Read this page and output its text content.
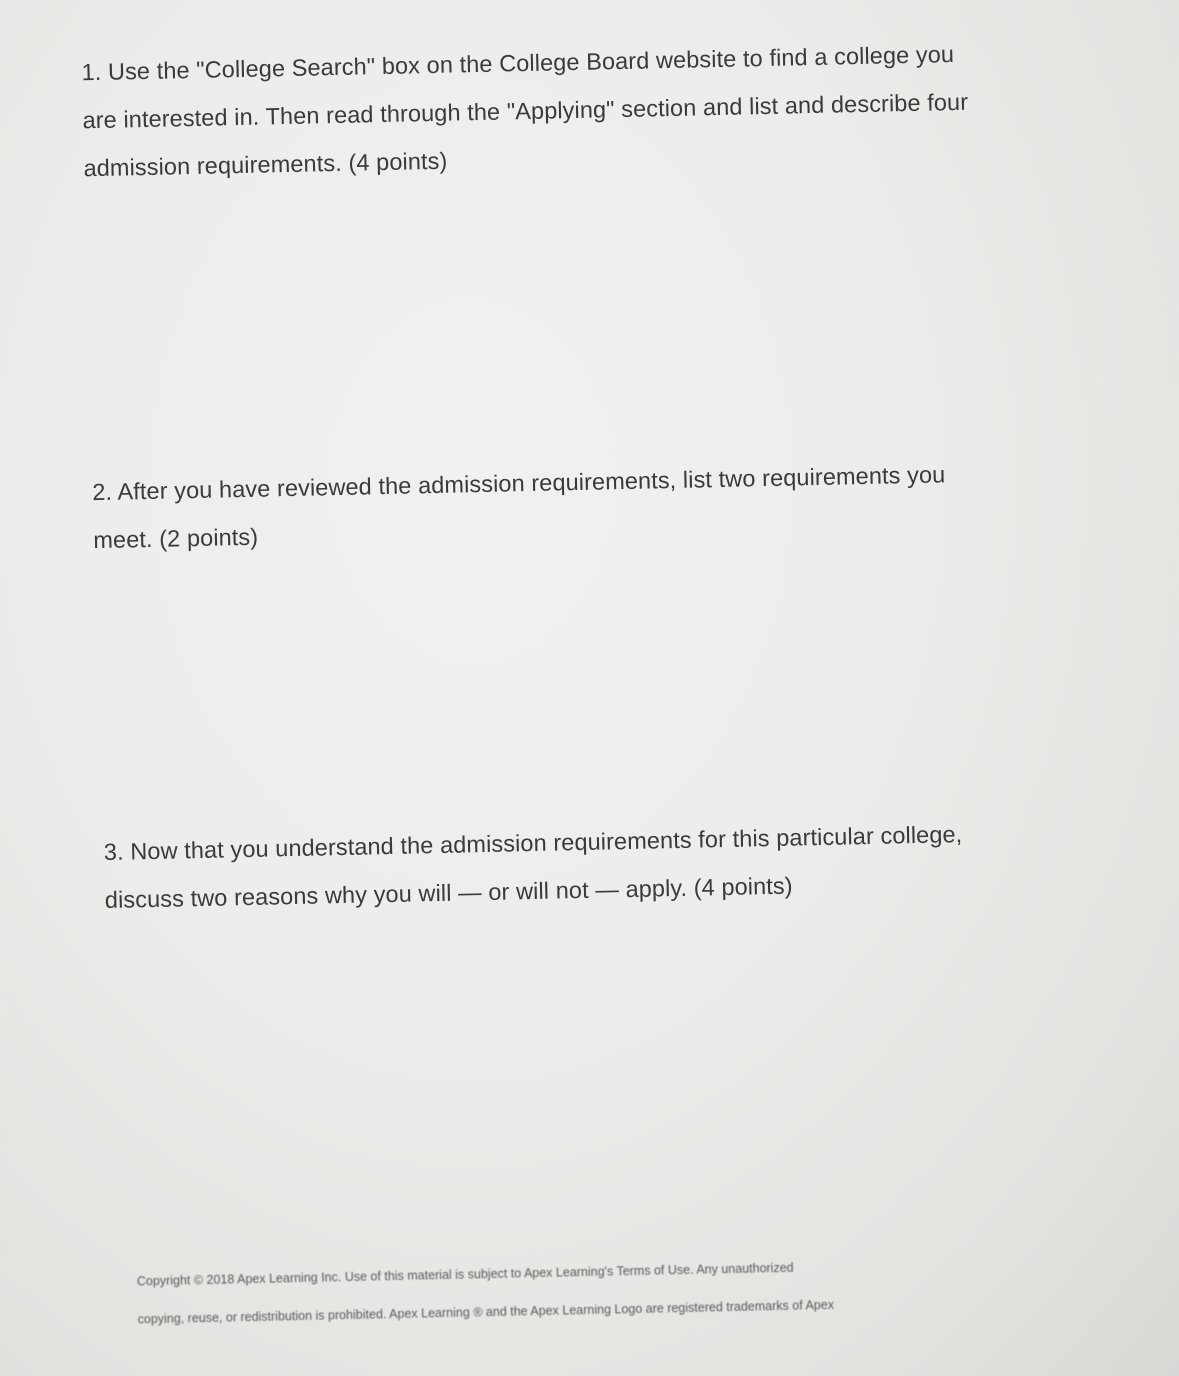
1. Use the "College Search" box on the College Board website to find a college you
are interested in. Then read through the "Applying" section and list and describe four
admission requirements. (4 points)

2. After you have reviewed the admission requirements, list two requirements you
meet. (2 points)

3. Now that you understand the admission requirements for this particular college,
discuss two reasons why you will — or will not — apply. (4 points)

Copyright © 2018 Apex Learning Inc. Use of this material is subject to Apex Learning's Terms of Use. Any unauthorized
copying, reuse, or redistribution is prohibited. Apex Learning ® and the Apex Learning Logo are registered trademarks of Apex
